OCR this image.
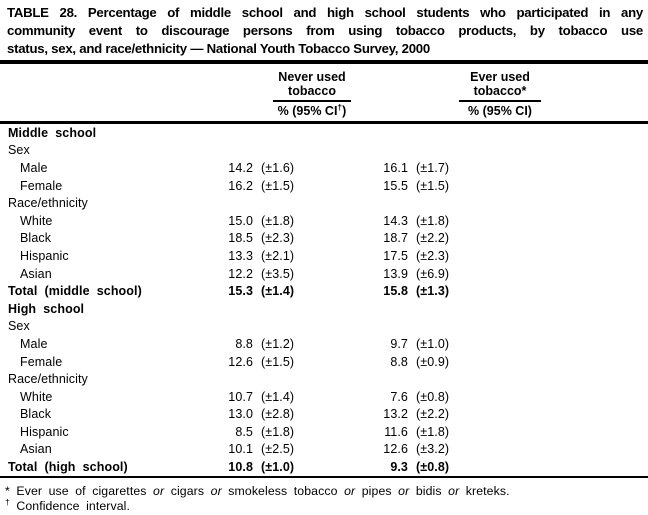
TABLE 28. Percentage of middle school and high school students who participated in any
community event to discourage persons from using tobacco products, by tobacco use
status, sex, and race/ethnicity — National Youth Tobacco Survey, 2000

Never used
tobacco
% (95% CI†)

Ever used
tobacco*
% (95% CI)

Middle school				
Sex				
Male	14.2	(±1.6)	16.1	(±1.7)
Female	16.2	(±1.5)	15.5	(±1.5)
Race/ethnicity				
White	15.0	(±1.8)	14.3	(±1.8)
Black	18.5	(±2.3)	18.7	(±2.2)
Hispanic	13.3	(±2.1)	17.5	(±2.3)
Asian	12.2	(±3.5)	13.9	(±6.9)
Total (middle school)	15.3	(±1.4)	15.8	(±1.3)
High school				
Sex				
Male	8.8	(±1.2)	9.7	(±1.0)
Female	12.6	(±1.5)	8.8	(±0.9)
Race/ethnicity				
White	10.7	(±1.4)	7.6	(±0.8)
Black	13.0	(±2.8)	13.2	(±2.2)
Hispanic	8.5	(±1.8)	11.6	(±1.8)
Asian	10.1	(±2.5)	12.6	(±3.2)
Total (high school)	10.8	(±1.0)	9.3	(±0.8)
* Ever use of cigarettes or cigars or smokeless tobacco or pipes or bidis or kreteks.
† Confidence interval.
